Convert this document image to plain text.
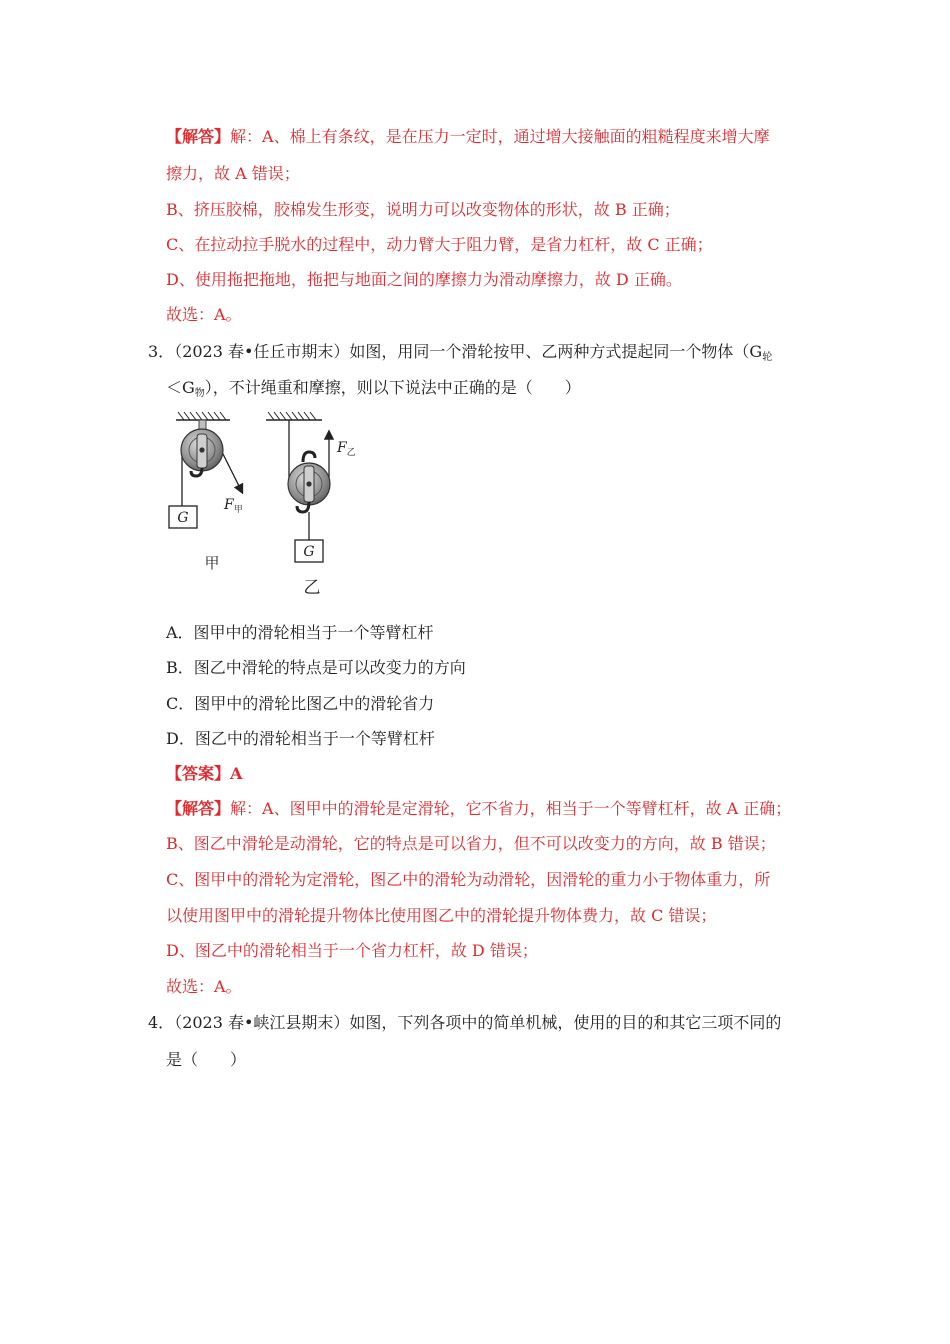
【解答】解：A、棉上有条纹，是在压力一定时，通过增大接触面的粗糙程度来增大摩
擦力，故 A 错误；
B、挤压胶棉，胶棉发生形变，说明力可以改变物体的形状，故 B 正确；
C、在拉动拉手脱水的过程中，动力臂大于阻力臂，是省力杠杆，故 C 正确；
D、使用拖把拖地，拖把与地面之间的摩擦力为滑动摩擦力，故 D 正确。
故选：A。
3．（2023 春•任丘市期末）如图，用同一个滑轮按甲、乙两种方式提起同一个物体（$G_轮$
$<G_物$），不计绳重和摩擦，则以下说法中正确的是（　　）
G
$F_甲$
甲
G
$F_乙$
乙
A．图甲中的滑轮相当于一个等臂杠杆
B．图乙中滑轮的特点是可以改变力的方向
C．图甲中的滑轮比图乙中的滑轮省力
D．图乙中的滑轮相当于一个等臂杠杆
【答案】A
【解答】解：A、图甲中的滑轮是定滑轮，它不省力，相当于一个等臂杠杆，故 A 正确；
B、图乙中滑轮是动滑轮，它的特点是可以省力，但不可以改变力的方向，故 B 错误；
C、图甲中的滑轮为定滑轮，图乙中的滑轮为动滑轮，因滑轮的重力小于物体重力，所
以使用图甲中的滑轮提升物体比使用图乙中的滑轮提升物体费力，故 C 错误；
D、图乙中的滑轮相当于一个省力杠杆，故 D 错误；
故选：A。
4．（2023 春•峡江县期末）如图，下列各项中的简单机械，使用的目的和其它三项不同的
是（　　）
